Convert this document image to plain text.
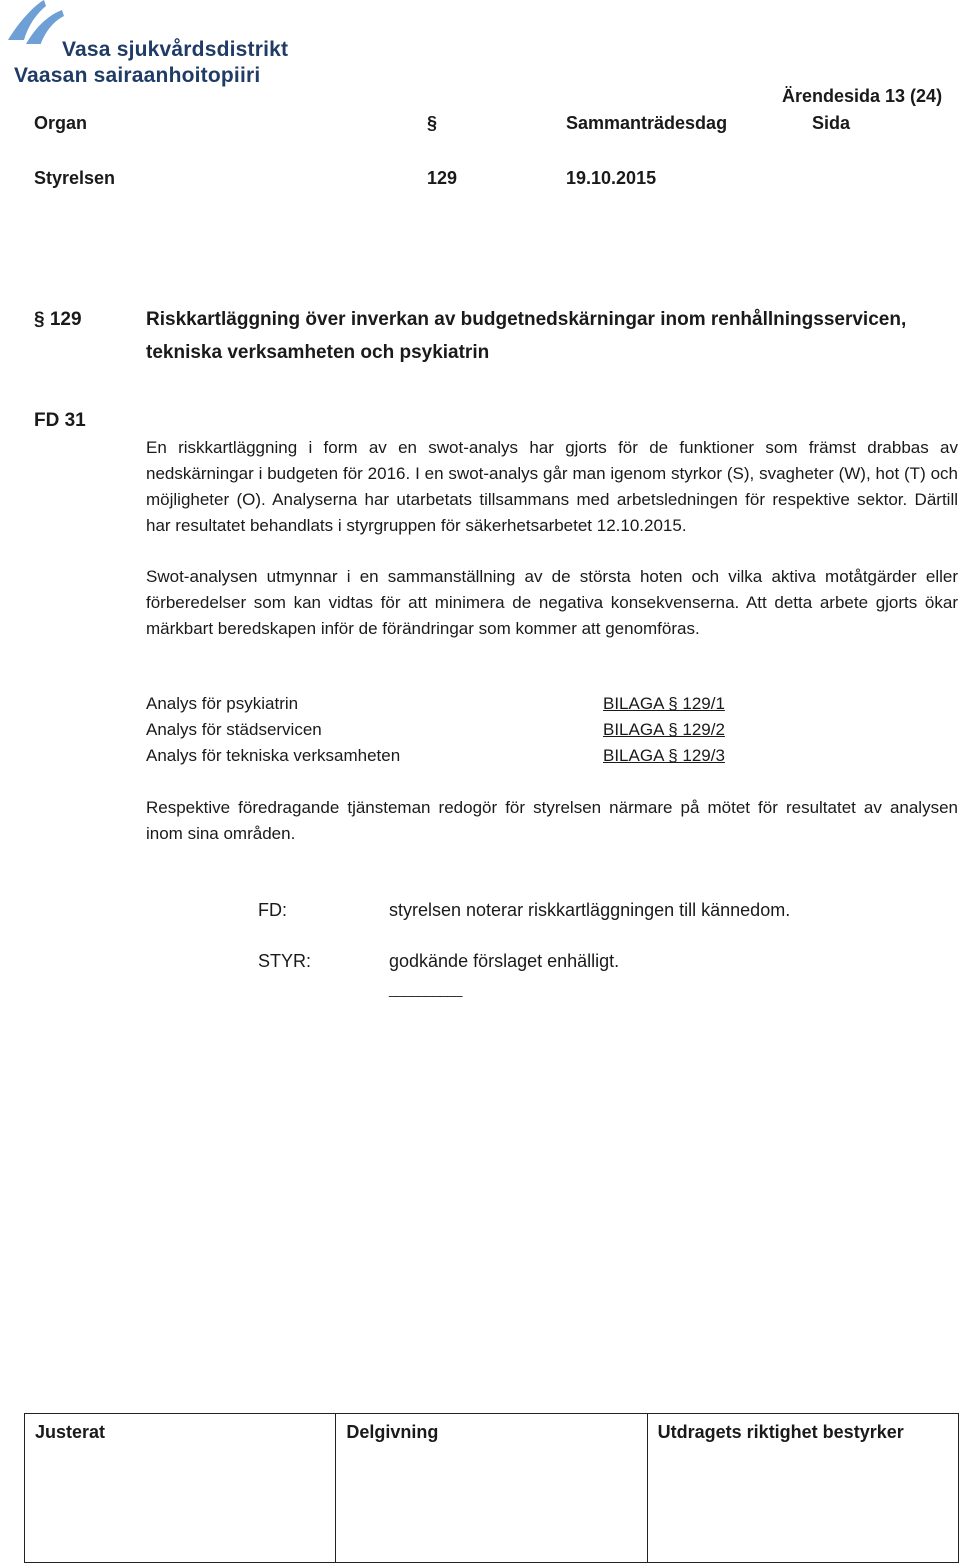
Vasa sjukvårdsdistrikt
Vaasan sairaanhoitopiiri
Ärendesida 13 (24)
Organ	§	Sammanträdesdag	Sida
Styrelsen	129	19.10.2015
§ 129	Riskkartläggning över inverkan av budgetnedskärningar inom renhållningsservicen, tekniska verksamheten och psykiatrin
FD 31
En riskkartläggning i form av en swot-analys har gjorts för de funktioner som främst drabbas av nedskärningar i budgeten för 2016. I en swot-analys går man igenom styrkor (S), svagheter (W), hot (T) och möjligheter (O). Analyserna har utarbetats tillsammans med arbetsledningen för respektive sektor. Därtill har resultatet behandlats i styrgruppen för säkerhetsarbetet 12.10.2015.
Swot-analysen utmynnar i en sammanställning av de största hoten och vilka aktiva motåtgärder eller förberedelser som kan vidtas för att minimera de negativa konsekvenserna. Att detta arbete gjorts ökar märkbart beredskapen inför de förändringar som kommer att genomföras.
Analys för psykiatrin	BILAGA § 129/1
Analys för städservicen	BILAGA § 129/2
Analys för tekniska verksamheten	BILAGA § 129/3
Respektive föredragande tjänsteman redogör för styrelsen närmare på mötet för resultatet av analysen inom sina områden.
FD:	styrelsen noterar riskkartläggningen till kännedom.
STYR:	godkände förslaget enhälligt.
__________
Justerat	Delgivning	Utdragets riktighet bestyrker
